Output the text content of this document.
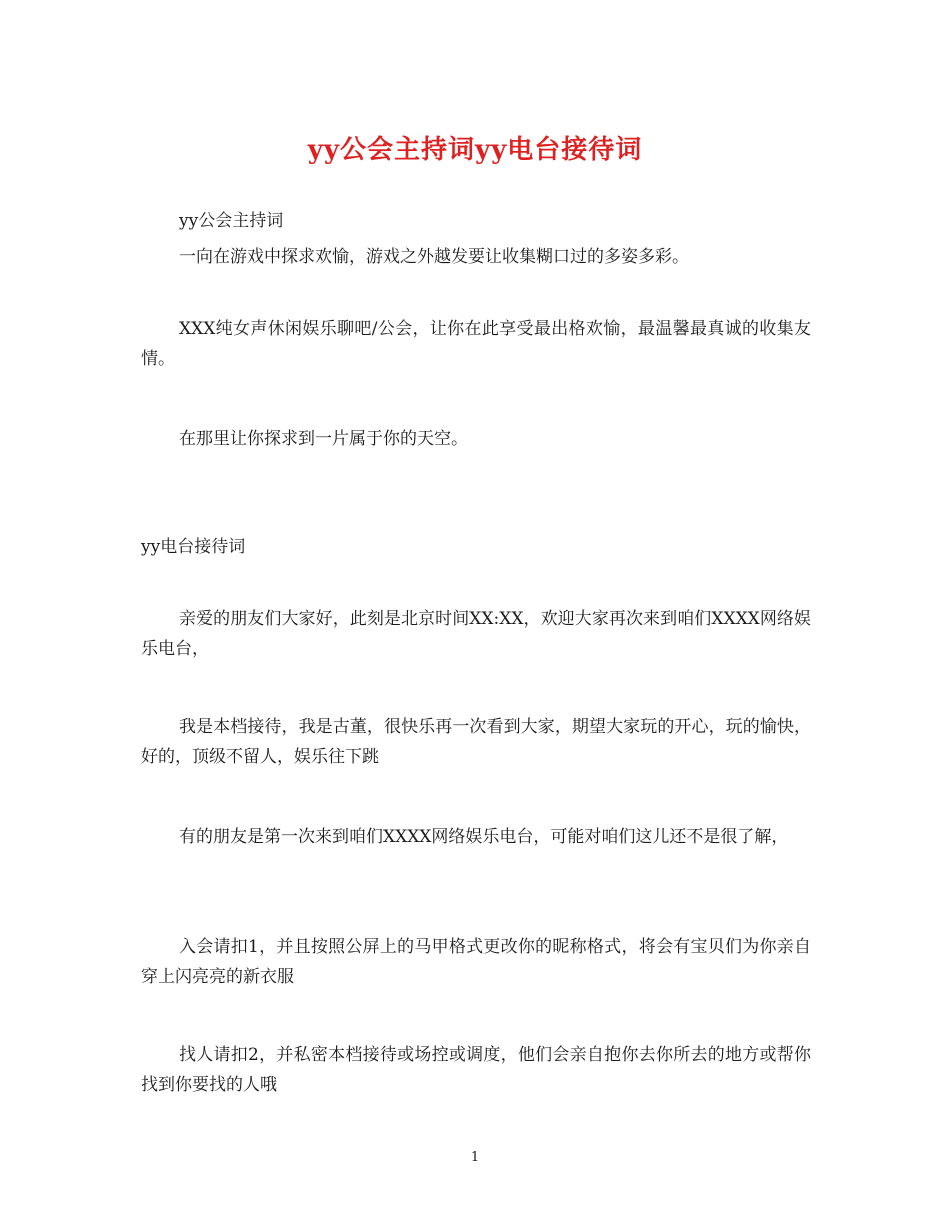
yy公会主持词yy电台接待词

yy公会主持词

一向在游戏中探求欢愉，游戏之外越发要让收集糊口过的多姿多彩。

XXX纯女声休闲娱乐聊吧/公会，让你在此享受最出格欢愉，最温馨最真诚的收集友情。

在那里让你探求到一片属于你的天空。

yy电台接待词

亲爱的朋友们大家好，此刻是北京时间XX:XX，欢迎大家再次来到咱们XXXX网络娱乐电台，

我是本档接待，我是古董，很快乐再一次看到大家，期望大家玩的开心，玩的愉快，好的，顶级不留人，娱乐往下跳

有的朋友是第一次来到咱们XXXX网络娱乐电台，可能对咱们这儿还不是很了解，

入会请扣1，并且按照公屏上的马甲格式更改你的昵称格式，将会有宝贝们为你亲自穿上闪亮亮的新衣服

找人请扣2，并私密本档接待或场控或调度，他们会亲自抱你去你所去的地方或帮你找到你要找的人哦

1
